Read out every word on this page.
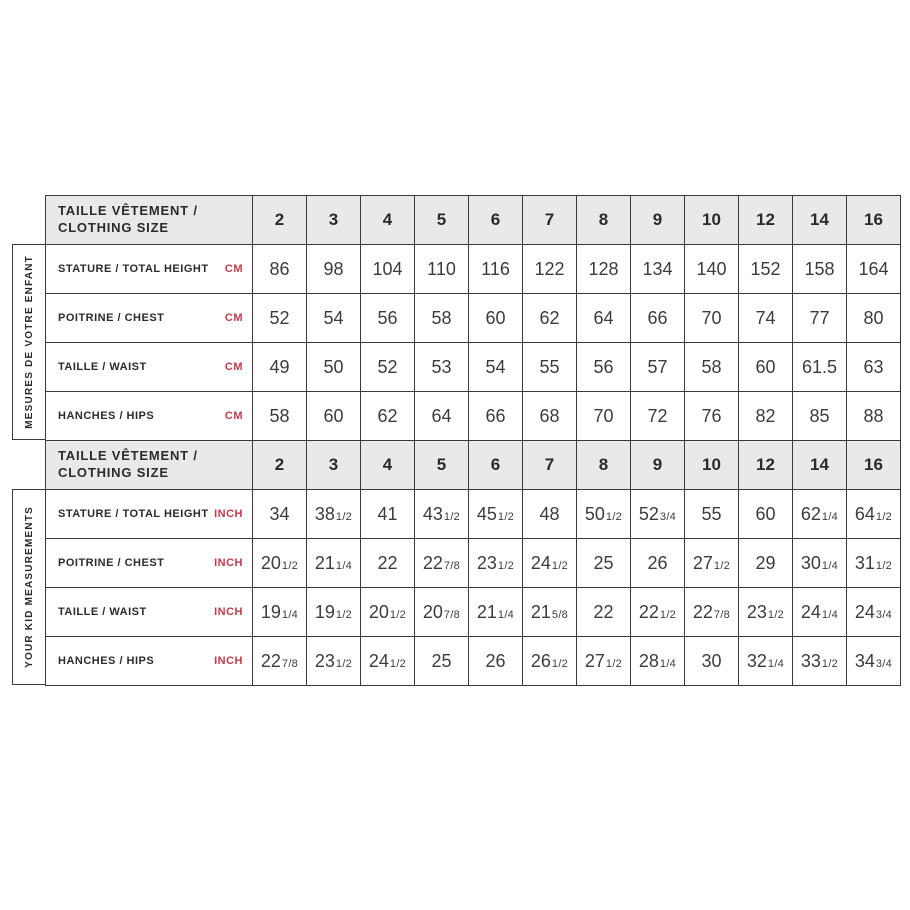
MESURES DE VOTRE ENFANT
YOUR KID MEASUREMENTS
TAILLE VÊTEMENT /
CLOTHING SIZE	2	3	4	5	6	7	8	9 10 12 14 16
STATURE / TOTAL HEIGHT CM 86 98 104 110 116 122 128 134 140 152 158 164
POITRINE / CHEST	CM 52 54 56 58 60 62 64 66 70 74 77 80
TAILLE / WAIST	CM 49 50 52 53 54 55 56 57 58 60 61.5 63
HANCHES / HIPS	CM 58 60 62 64 66 68 70 72 76 82 85 88
TAILLE VÊTEMENT /
CLOTHING SIZE	2	3	4	5	6	7	8	9 10 12 14 16
STATURE / TOTAL HEIGHT INCH 34 381/2 41 431/2 451/2 48 501/2 523/4 55 60 621/4 641/2
POITRINE / CHEST	INCH 201/2 211/4 22 227/8 231/2 241/2 25 26 271/2 29 301/4 311/2
TAILLE / WAIST	INCH 191/4 191/2 201/2 207/8 211/4 215/8 22 221/2 227/8 231/2 241/4 243/4
HANCHES / HIPS	INCH 227/8 231/2 241/2 25 26 261/2 271/2 281/4 30 321/4 331/2 343/4
